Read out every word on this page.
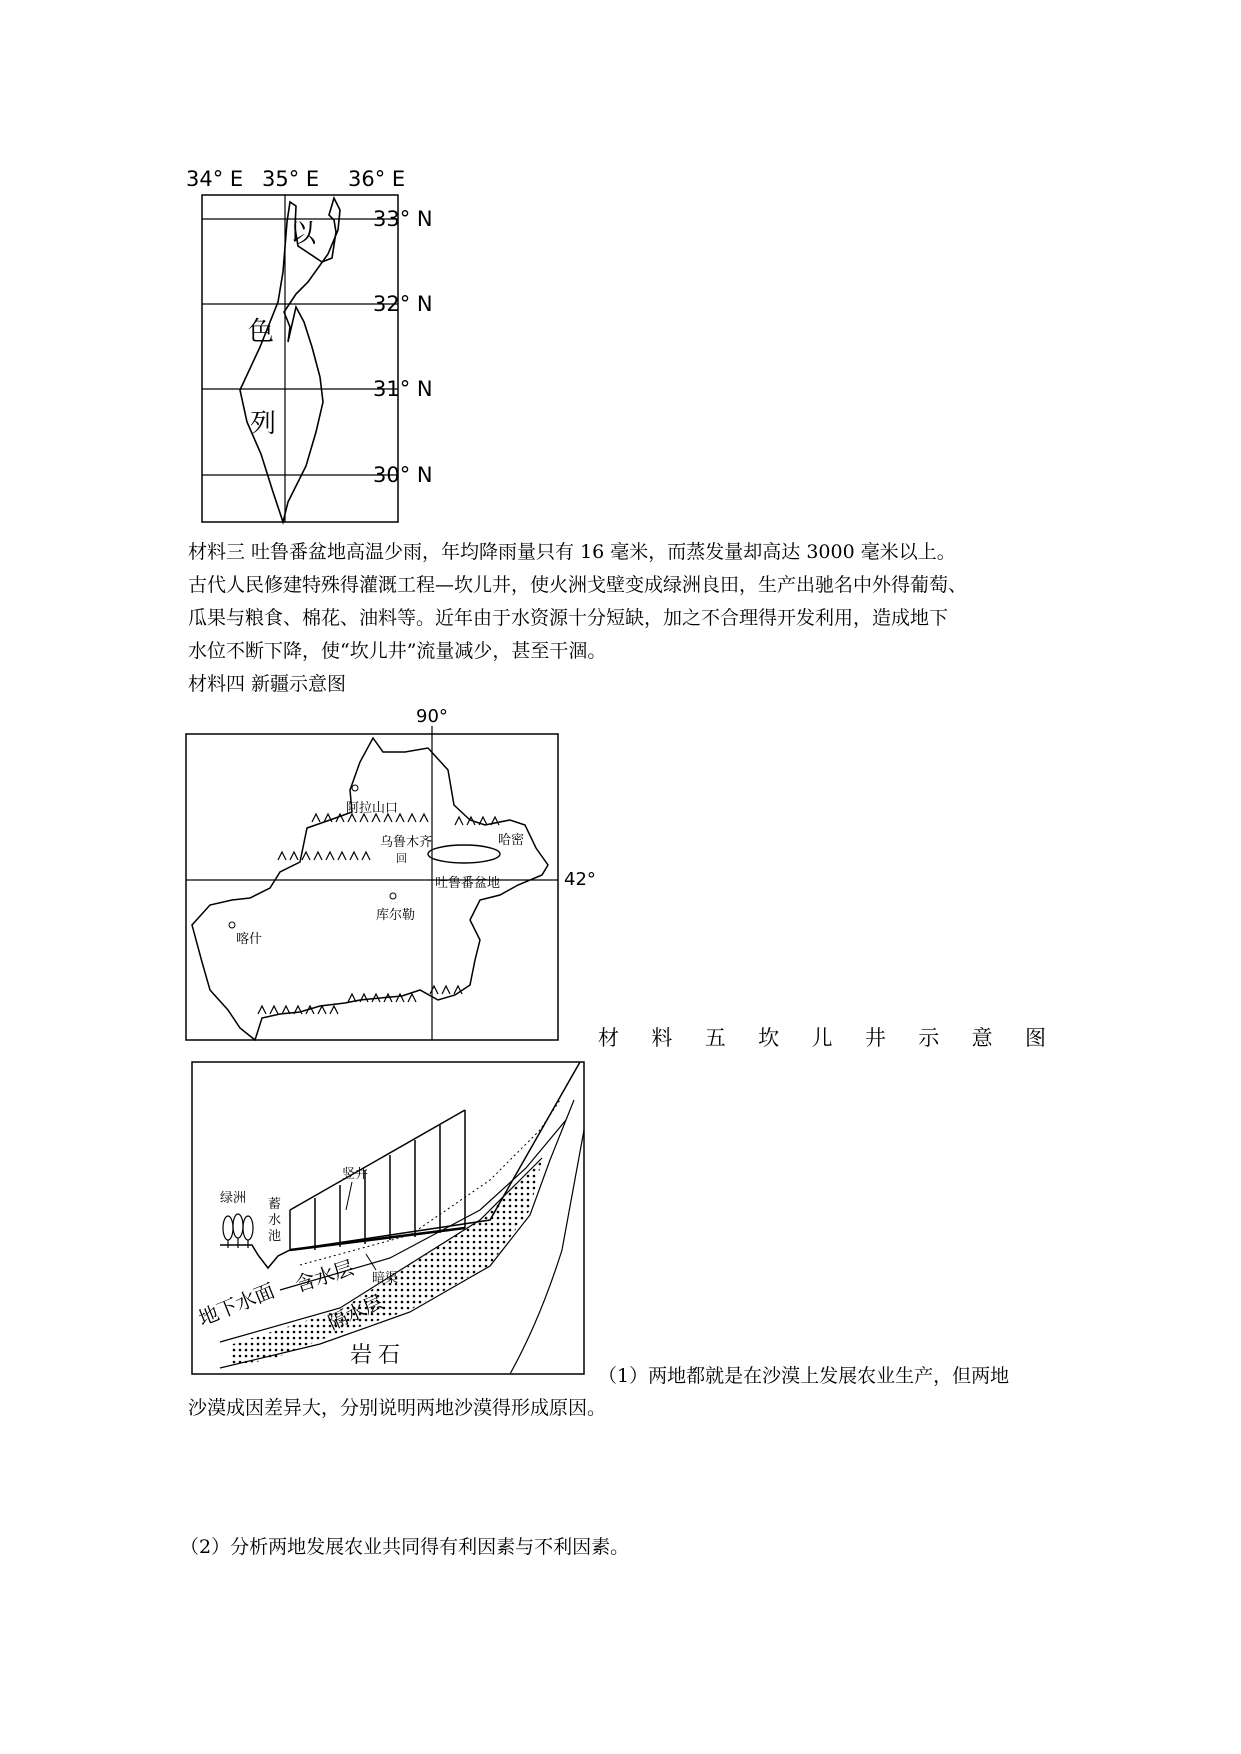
34° E 35° E 36° E
以
色
列
33° N
32° N
31° N
30° N
材料三 吐鲁番盆地高温少雨，年均降雨量只有 16 毫米，而蒸发量却高达 3000 毫米以上。
古代人民修建特殊得灌溉工程—坎儿井，使火洲戈壁变成绿洲良田，生产出驰名中外得葡萄、
瓜果与粮食、棉花、油料等。近年由于水资源十分短缺，加之不合理得开发利用，造成地下
水位不断下降，使“坎儿井”流量减少，甚至干涸。
材料四 新疆示意图
90°
42°
阿拉山口
乌鲁木齐
回
哈密
吐鲁番盆地
库尔勒
喀什
材 料 五 坎 儿 井 示 意 图
绿洲 蓄
水
池
竖井
暗渠
地下水面
含水层
隔水层
岩石
（1）两地都就是在沙漠上发展农业生产，但两地
沙漠成因差异大，分别说明两地沙漠得形成原因。
（2）分析两地发展农业共同得有利因素与不利因素。
